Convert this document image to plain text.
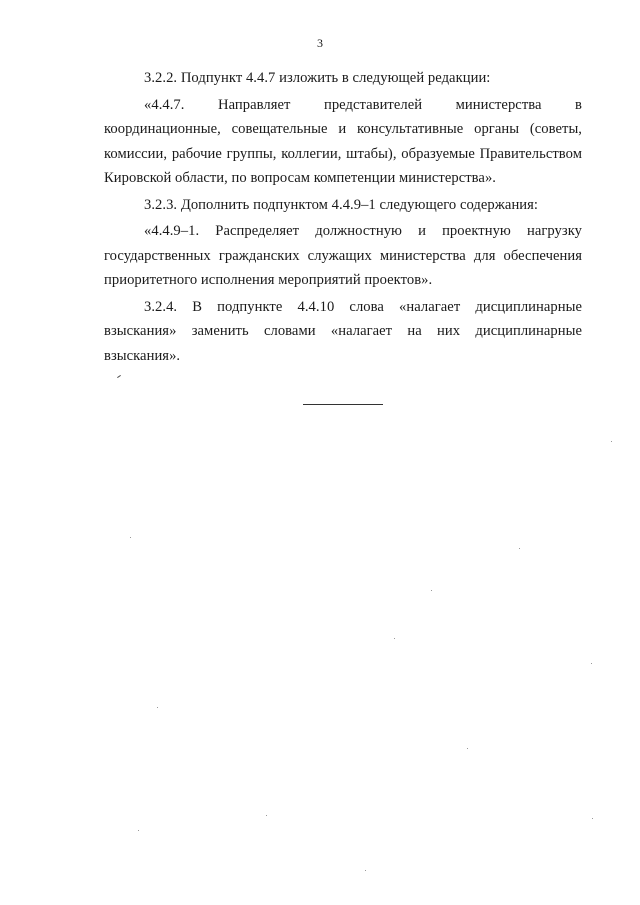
3

3.2.2. Подпункт 4.4.7 изложить в следующей редакции:

«4.4.7. Направляет представителей министерства в координационные, совещательные и консультативные органы (советы, комиссии, рабочие группы, коллегии, штабы), образуемые Правительством Кировской области, по вопросам компетенции министерства».

3.2.3. Дополнить подпунктом 4.4.9–1 следующего содержания:

«4.4.9–1. Распределяет должностную и проектную нагрузку государственных гражданских служащих министерства для обеспечения приоритетного исполнения мероприятий проектов».

3.2.4. В подпункте 4.4.10 слова «налагает дисциплинарные взыскания» заменить словами «налагает на них дисциплинарные взыскания».
